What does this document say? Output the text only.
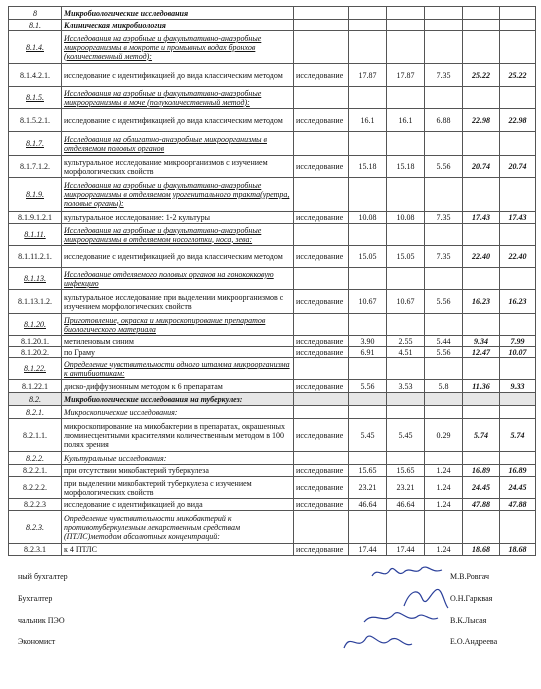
8	Микробиологические исследования						
8.1.	Клиническая микробиология						
8.1.4.	Исследования на аэробные и факультативно-анаэробные микроорганизмы в мокроте и промывных водах бронхов (количественный метод):						
8.1.4.2.1.	исследование с идентификацией до вида классическим методом	исследование	17.87	17.87	7.35	25.22	25.22
8.1.5.	Исследования на аэробные и факультативно-анаэробные микроорганизмы в моче (полуколичественный метод):						
8.1.5.2.1.	исследование с идентификацией до вида классическим методом	исследование	16.1	16.1	6.88	22.98	22.98
8.1.7.	Исследования на облигатно-анаэробные микроорганизмы в отделяемом половых органов						
8.1.7.1.2.	культуральное исследование микроорганизмов с изучением морфологических свойств	исследование	15.18	15.18	5.56	20.74	20.74
8.1.9.	Исследования на аэробные и факультативно-анаэробные микроорганизмы в отделяемом урогенитального тракта(уретра, половые органы):						
8.1.9.1.2.1	культуральное исследование: 1-2 культуры	исследование	10.08	10.08	7.35	17.43	17.43
8.1.11.	Исследования на аэробные и факультативно-анаэробные микроорганизмы в отделяемом носоглотки, носа, зева:						
8.1.11.2.1.	исследование с идентификацией до вида классическим методом	исследование	15.05	15.05	7.35	22.40	22.40
8.1.13.	Исследование отделяемого половых органов на гонококковую инфекцию						
8.1.13.1.2.	культуральное исследование при выделении микроорганизмов с изучением морфологических свойств	исследование	10.67	10.67	5.56	16.23	16.23
8.1.20.	Приготовление, окраска и микроскопирование препаратов биологического материала						
8.1.20.1.	метиленовым синим	исследование	3.90	2.55	5.44	9.34	7.99
8.1.20.2.	по Граму	исследование	6.91	4.51	5.56	12.47	10.07
8.1.22.	Определение чувствительности одного штамма микроорганизма к антибиотикам:						
8.1.22.1	диско-диффузионным методом к 6 препаратам	исследование	5.56	3.53	5.8	11.36	9.33
8.2.	Микробиологические исследования на туберкулез:						
8.2.1.	Микроскопические исследования:						
8.2.1.1.	микроскопирование на микобактерии в препаратах, окрашенных люминесцентными красителями количественным методом в 100 полях зрения	исследование	5.45	5.45	0.29	5.74	5.74
8.2.2.	Культуральные исследования:						
8.2.2.1.	при отсутствии микобактерий туберкулеза	исследование	15.65	15.65	1.24	16.89	16.89
8.2.2.2.	при выделении микобактерий туберкулеза с изучением морфологических свойств	исследование	23.21	23.21	1.24	24.45	24.45
8.2.2.3	исследование с идентификацией до вида	исследование	46.64	46.64	1.24	47.88	47.88
8.2.3.	Определение чувствительности микобактерий к противотуберкулезным лекарственным средствам (ПТЛС)методом абсолютных концентраций:						
8.2.3.1	к 4 ПТЛС	исследование	17.44	17.44	1.24	18.68	18.68
ный бухгалтер	М.В.Ровгач
Бухгалтер	О.Н.Гарквая
чальник ПЭО	В.К.Лысая
Экономист	Е.О.Андреева
